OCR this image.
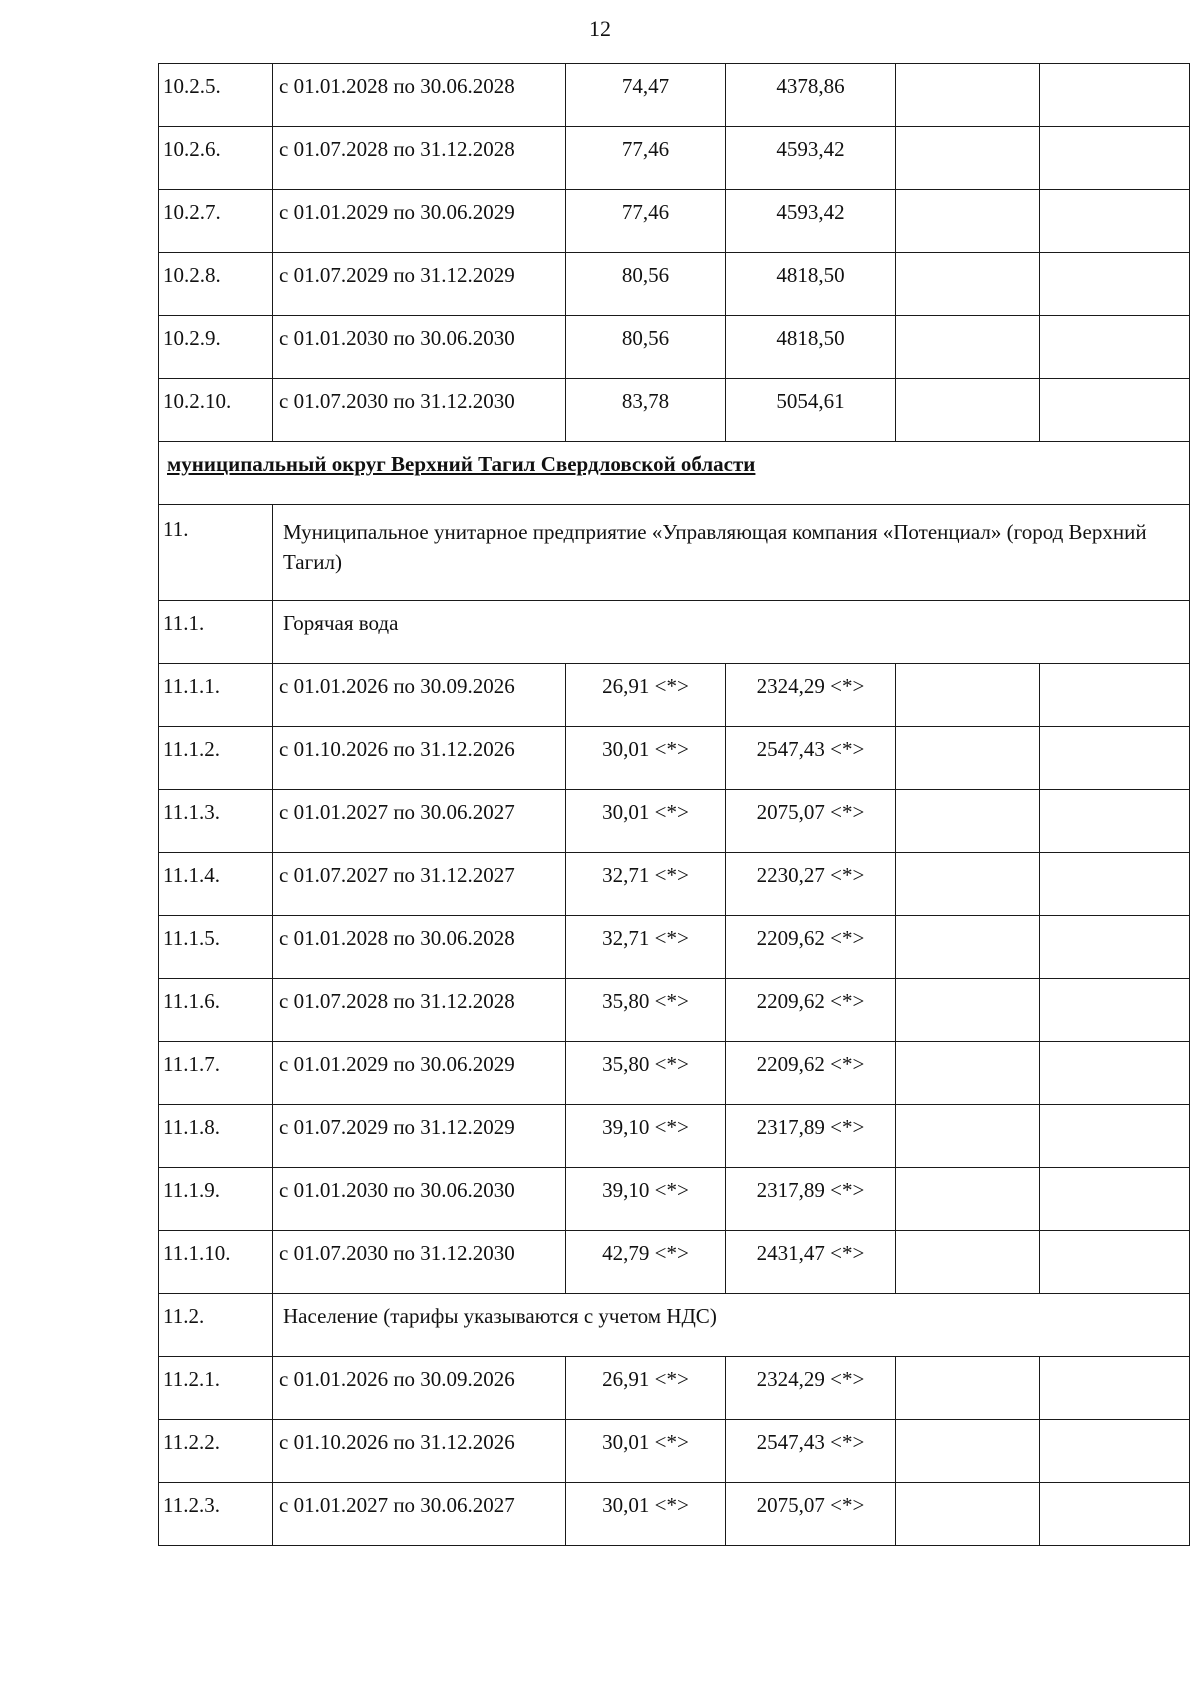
12
10.2.5.	с 01.01.2028 по 30.06.2028	74,47	4378,86		
10.2.6.	с 01.07.2028 по 31.12.2028	77,46	4593,42		
10.2.7.	с 01.01.2029 по 30.06.2029	77,46	4593,42		
10.2.8.	с 01.07.2029 по 31.12.2029	80,56	4818,50		
10.2.9.	с 01.01.2030 по 30.06.2030	80,56	4818,50		
10.2.10.	с 01.07.2030 по 31.12.2030	83,78	5054,61		
муниципальный округ Верхний Тагил Свердловской области					
11.	Муниципальное унитарное предприятие «Управляющая компания «Потенциал» (город Верхний Тагил)				
11.1.	Горячая вода				
11.1.1.	с 01.01.2026 по 30.09.2026	26,91 <*>	2324,29 <*>		
11.1.2.	с 01.10.2026 по 31.12.2026	30,01 <*>	2547,43 <*>		
11.1.3.	с 01.01.2027 по 30.06.2027	30,01 <*>	2075,07 <*>		
11.1.4.	с 01.07.2027 по 31.12.2027	32,71 <*>	2230,27 <*>		
11.1.5.	с 01.01.2028 по 30.06.2028	32,71 <*>	2209,62 <*>		
11.1.6.	с 01.07.2028 по 31.12.2028	35,80 <*>	2209,62 <*>		
11.1.7.	с 01.01.2029 по 30.06.2029	35,80 <*>	2209,62 <*>		
11.1.8.	с 01.07.2029 по 31.12.2029	39,10 <*>	2317,89 <*>		
11.1.9.	с 01.01.2030 по 30.06.2030	39,10 <*>	2317,89 <*>		
11.1.10.	с 01.07.2030 по 31.12.2030	42,79 <*>	2431,47 <*>		
11.2.	Население (тарифы указываются с учетом НДС)				
11.2.1.	с 01.01.2026 по 30.09.2026	26,91 <*>	2324,29 <*>		
11.2.2.	с 01.10.2026 по 31.12.2026	30,01 <*>	2547,43 <*>		
11.2.3.	с 01.01.2027 по 30.06.2027	30,01 <*>	2075,07 <*>		
